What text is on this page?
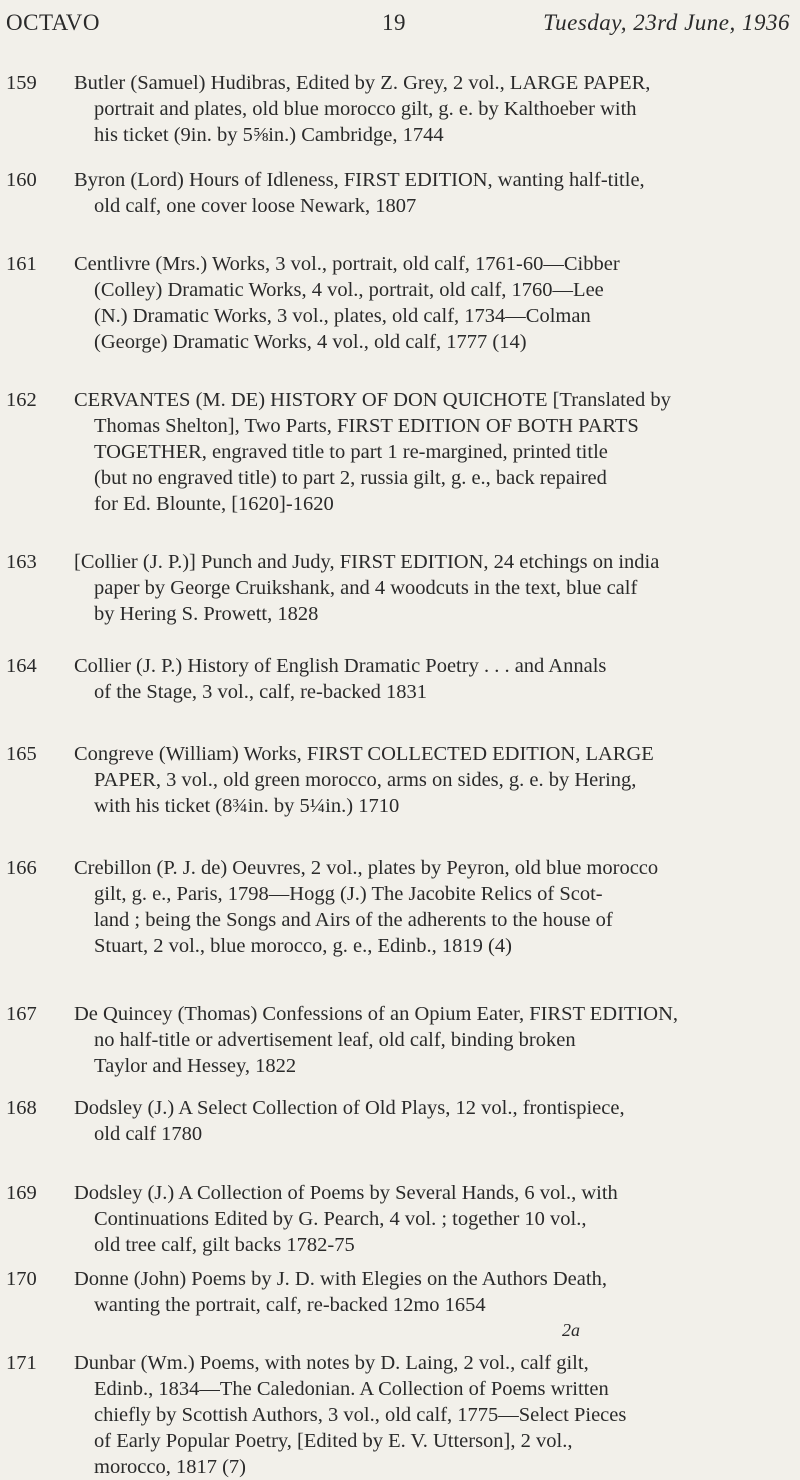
OCTAVO	19	Tuesday, 23rd June, 1936
159	Butler (Samuel) Hudibras, Edited by Z. Grey, 2 vol., LARGE PAPER,
portrait and plates, old blue morocco gilt, g. e. by Kalthoeber with
his ticket (9in. by 5⅝in.) Cambridge, 1744
160	Byron (Lord) Hours of Idleness, FIRST EDITION, wanting half-title,
old calf, one cover loose Newark, 1807
161	Centlivre (Mrs.) Works, 3 vol., portrait, old calf, 1761-60—Cibber
(Colley) Dramatic Works, 4 vol., portrait, old calf, 1760—Lee
(N.) Dramatic Works, 3 vol., plates, old calf, 1734—Colman
(George) Dramatic Works, 4 vol., old calf, 1777 (14)
162	CERVANTES (M. DE) HISTORY OF DON QUICHOTE [Translated by
Thomas Shelton], Two Parts, FIRST EDITION OF BOTH PARTS
TOGETHER, engraved title to part 1 re-margined, printed title
(but no engraved title) to part 2, russia gilt, g. e., back repaired
for Ed. Blounte, [1620]-1620
163	[Collier (J. P.)] Punch and Judy, FIRST EDITION, 24 etchings on india
paper by George Cruikshank, and 4 woodcuts in the text, blue calf
by Hering S. Prowett, 1828
164	Collier (J. P.) History of English Dramatic Poetry . . . and Annals
of the Stage, 3 vol., calf, re-backed 1831
165	Congreve (William) Works, FIRST COLLECTED EDITION, LARGE
PAPER, 3 vol., old green morocco, arms on sides, g. e. by Hering,
with his ticket (8¾in. by 5¼in.) 1710
166	Crebillon (P. J. de) Oeuvres, 2 vol., plates by Peyron, old blue morocco
gilt, g. e., Paris, 1798—Hogg (J.) The Jacobite Relics of Scot-
land ; being the Songs and Airs of the adherents to the house of
Stuart, 2 vol., blue morocco, g. e., Edinb., 1819 (4)
167	De Quincey (Thomas) Confessions of an Opium Eater, FIRST EDITION,
no half-title or advertisement leaf, old calf, binding broken
Taylor and Hessey, 1822
168	Dodsley (J.) A Select Collection of Old Plays, 12 vol., frontispiece,
old calf 1780
169	Dodsley (J.) A Collection of Poems by Several Hands, 6 vol., with
Continuations Edited by G. Pearch, 4 vol. ; together 10 vol.,
old tree calf, gilt backs 1782-75
170	Donne (John) Poems by J. D. with Elegies on the Authors Death,
wanting the portrait, calf, re-backed 12mo 1654
171	Dunbar (Wm.) Poems, with notes by D. Laing, 2 vol., calf gilt,
Edinb., 1834—The Caledonian. A Collection of Poems written
chiefly by Scottish Authors, 3 vol., old calf, 1775—Select Pieces
of Early Popular Poetry, [Edited by E. V. Utterson], 2 vol.,
morocco, 1817 (7)
2a
